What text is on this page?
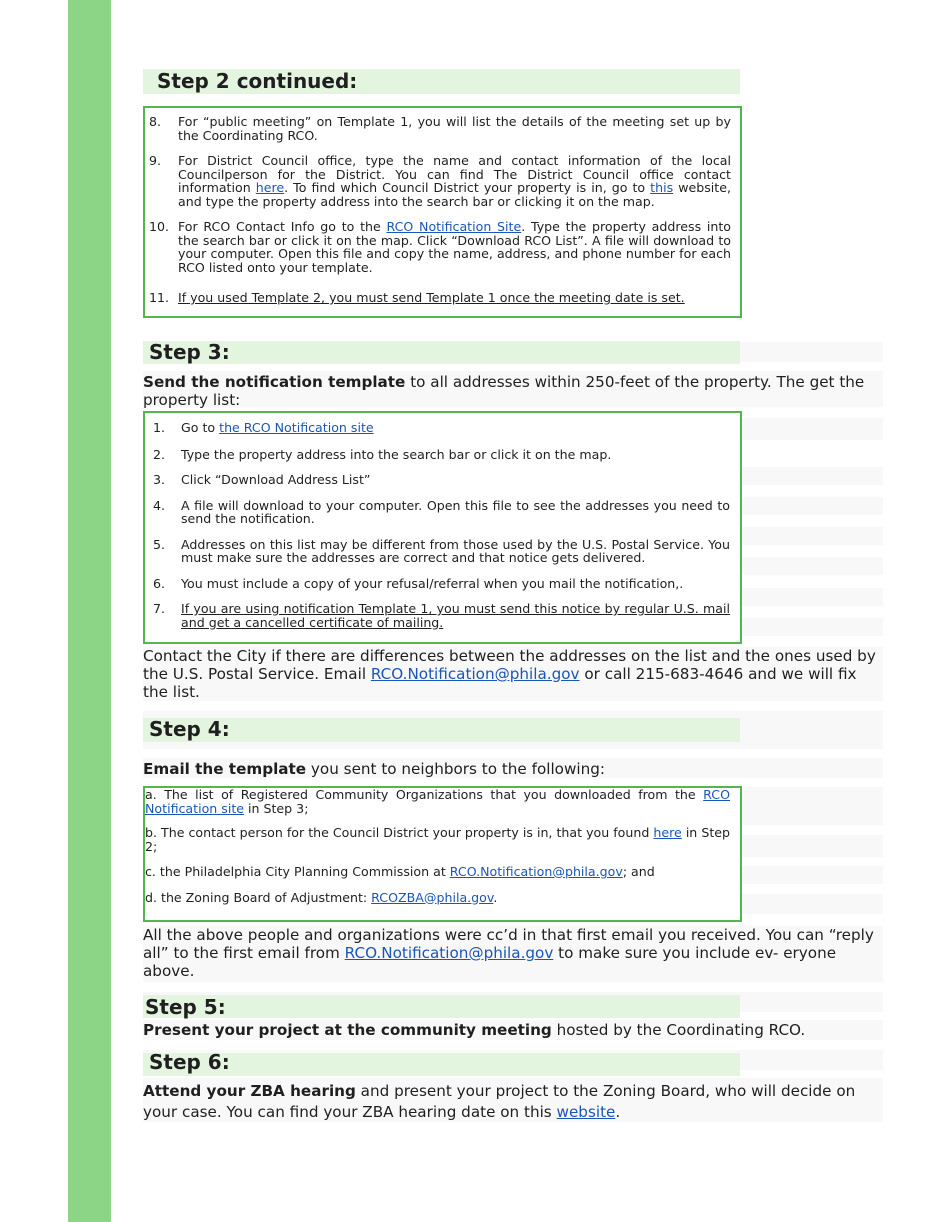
Step 2 continued:
8. For “public meeting” on Template 1, you will list the details of the meeting set up by the Coordinating RCO.
9. For District Council office, type the name and contact information of the local Councilperson for the District. You can find The District Council office contact information here. To find which Council District your property is in, go to this website, and type the property address into the search bar or clicking it on the map.
10. For RCO Contact Info go to the RCO Notification Site. Type the property address into the search bar or click it on the map. Click “Download RCO List”. A file will download to your computer. Open this file and copy the name, address, and phone number for each RCO listed onto your template.
11. If you used Template 2, you must send Template 1 once the meeting date is set.
Step 3:
Send the notification template to all addresses within 250-feet of the property. The get the property list:
1. Go to the RCO Notification site
2. Type the property address into the search bar or click it on the map.
3. Click “Download Address List”
4. A file will download to your computer. Open this file to see the addresses you need to send the notification.
5. Addresses on this list may be different from those used by the U.S. Postal Service. You must make sure the addresses are correct and that notice gets delivered.
6. You must include a copy of your refusal/referral when you mail the notification,.
7. If you are using notification Template 1, you must send this notice by regular U.S. mail and get a cancelled certificate of mailing.
Contact the City if there are differences between the addresses on the list and the ones used by the U.S. Postal Service. Email RCO.Notification@phila.gov or call 215-683-4646 and we will fix the list.
Step 4:
Email the template you sent to neighbors to the following:
a. The list of Registered Community Organizations that you downloaded from the RCO Notification site in Step 3;
b. The contact person for the Council District your property is in, that you found here in Step 2;
c. the Philadelphia City Planning Commission at RCO.Notification@phila.gov; and
d. the Zoning Board of Adjustment: RCOZBA@phila.gov.
All the above people and organizations were cc’d in that first email you received. You can “reply all” to the first email from RCO.Notification@phila.gov to make sure you include ev- eryone above.
Step 5:
Present your project at the community meeting hosted by the Coordinating RCO.
Step 6:
Attend your ZBA hearing and present your project to the Zoning Board, who will decide on your case. You can find your ZBA hearing date on this website.
